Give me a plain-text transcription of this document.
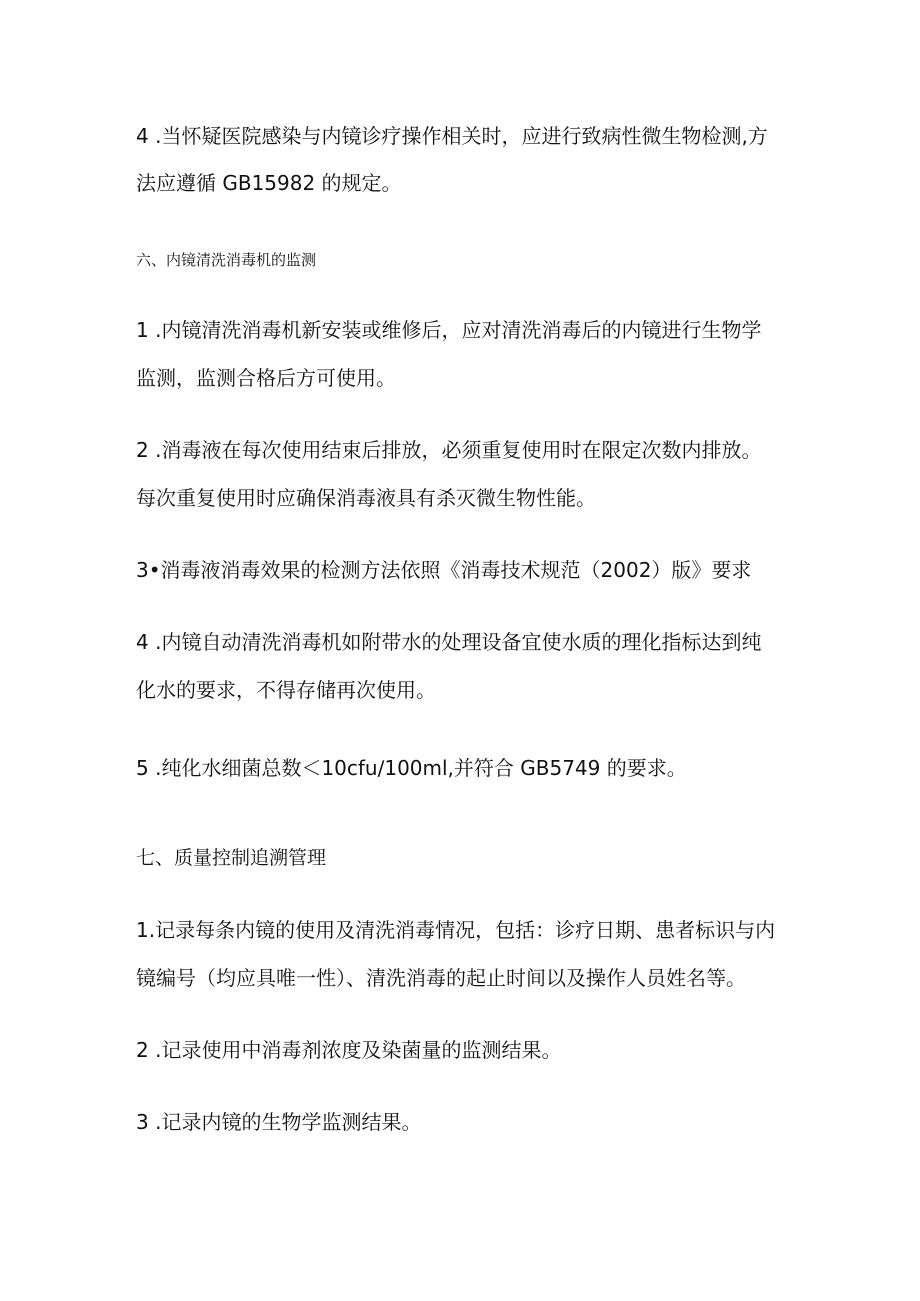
4 .当怀疑医院感染与内镜诊疗操作相关时，应进行致病性微生物检测,方
法应遵循 GB15982 的规定。
六、内镜清洗消毒机的监测
1 .内镜清洗消毒机新安装或维修后，应对清洗消毒后的内镜进行生物学
监测，监测合格后方可使用。
2 .消毒液在每次使用结束后排放，必须重复使用时在限定次数内排放。
每次重复使用时应确保消毒液具有杀灭微生物性能。
3•消毒液消毒效果的检测方法依照《消毒技术规范（2002）版》要求
4 .内镜自动清洗消毒机如附带水的处理设备宜使水质的理化指标达到纯
化水的要求，不得存储再次使用。
5 .纯化水细菌总数＜10cfu∕100ml,并符合 GB5749 的要求。
七、质量控制追溯管理
1.记录每条内镜的使用及清洗消毒情况，包括：诊疗日期、患者标识与内
镜编号（均应具唯一性）、清洗消毒的起止时间以及操作人员姓名等。
2 .记录使用中消毒剂浓度及染菌量的监测结果。
3 .记录内镜的生物学监测结果。
